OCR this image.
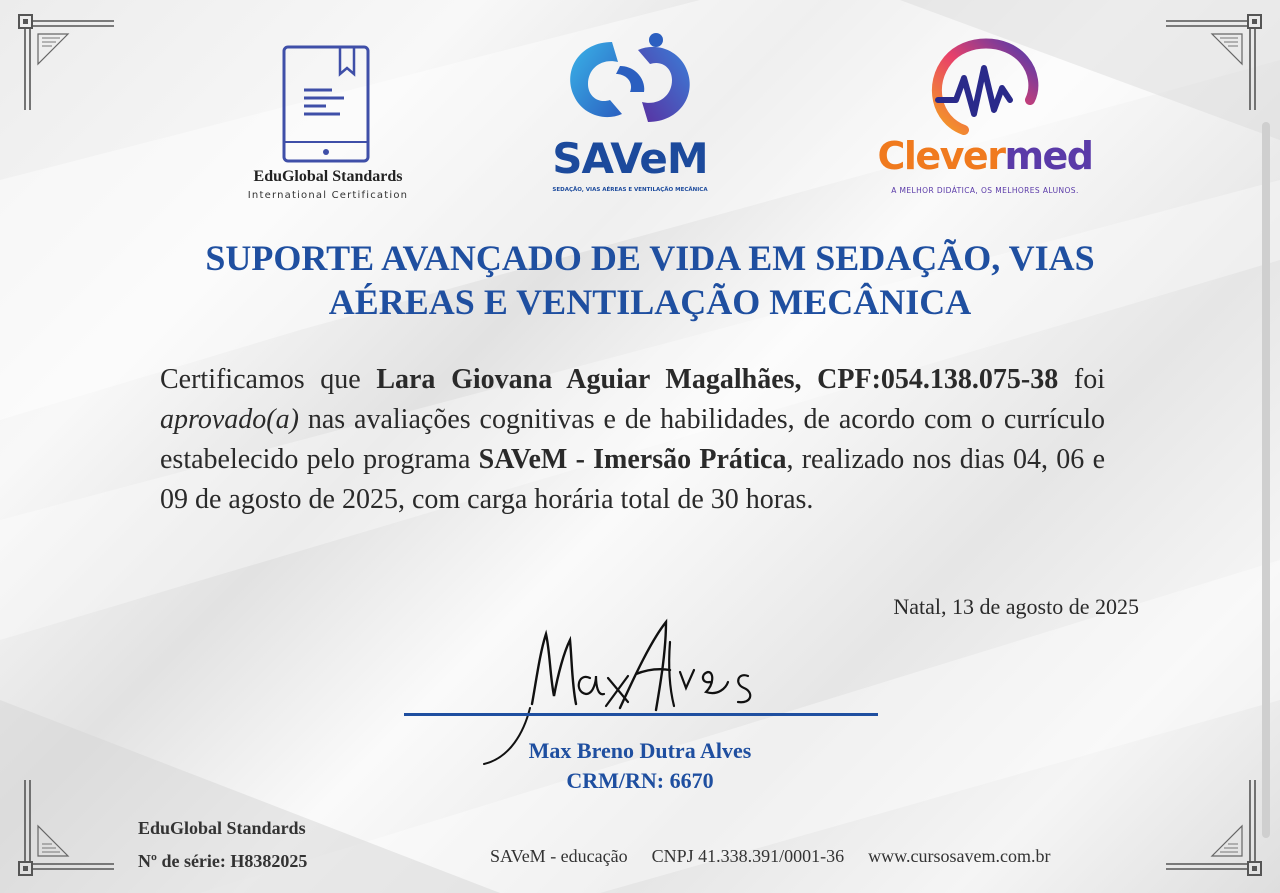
EduGlobal Standards
International Certification
SAVeM
SEDAÇÃO, VIAS AÉREAS E VENTILAÇÃO MECÂNICA
Clevermed
A MELHOR DIDÁTICA, OS MELHORES ALUNOS.
SUPORTE AVANÇADO DE VIDA EM SEDAÇÃO, VIAS AÉREAS E VENTILAÇÃO MECÂNICA
Certificamos que Lara Giovana Aguiar Magalhães, CPF:054.138.075-38 foi aprovado(a) nas avaliações cognitivas e de habilidades, de acordo com o currículo estabelecido pelo programa SAVeM - Imersão Prática, realizado nos dias 04, 06 e 09 de agosto de 2025, com carga horária total de 30 horas.
Natal, 13 de agosto de 2025
Max Breno Dutra Alves
CRM/RN: 6670
EduGlobal Standards
Nº de série: H8382025	SAVeM - educação CNPJ 41.338.391/0001-36 www.cursosavem.com.br
